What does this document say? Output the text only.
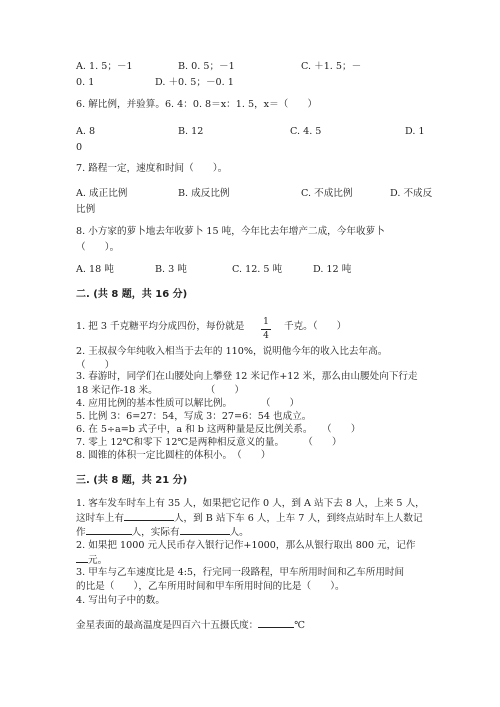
A. 1. 5；－1	B. 0. 5；－1	C. ＋1. 5；－
0. 1	D. ＋0. 5；－0. 1
6. 解比例，并验算。6. 4：0. 8＝x：1. 5，x＝（　　）
A. 8	B. 12	C. 4. 5	D. 1
0
7. 路程一定，速度和时间（　　）。
A. 成正比例	B. 成反比例	C. 不成比例	D. 不成反
比例
8. 小方家的萝卜地去年收萝卜 15 吨，今年比去年增产二成，今年收萝卜
（　　）。
A. 18 吨	B. 3 吨	C. 12. 5 吨	D. 12 吨
二. (共 8 题，共 16 分)
1. 把 3 千克糖平均分成四份，每份就是 1
4
千克。（　　）
2. 王叔叔今年纯收入相当于去年的 110%，说明他今年的收入比去年高。
（　　）
3. 春游时，同学们在山腰处向上攀登 12 米记作+12 米，那么由山腰处向下行走
18 米记作-18 米。　　　　　　（　　）
4. 应用比例的基本性质可以解比例。　　　　（　　）
5. 比例 3：6=27：54，写成 3：27=6：54 也成立。
6. 在 5÷a=b 式子中，a 和 b 这两种量是反比例关系。　　（　　）
7. 零上 12℃和零下 12℃是两种相反意义的量。　　　（　　）
8. 圆锥的体积一定比圆柱的体积小。　（　　）
三. (共 8 题，共 21 分)
1. 客车发车时车上有 35 人，如果把它记作 0 人，到 A 站下去 8 人，上来 5 人，
这时车上有	人，到 B 站下车 6 人，上车 7 人，到终点站时车上人数记
作	人，实际有	人。
2. 如果把 1000 元人民币存入银行记作+1000，那么从银行取出 800 元，记作
元。
3. 甲车与乙车速度比是 4:5，行完同一段路程，甲车所用时间和乙车所用时间
的比是（　　），乙车所用时间和甲车所用时间的比是（　　）。
4. 写出句子中的数。
金星表面的最高温度是四百六十五摄氏度：	℃
